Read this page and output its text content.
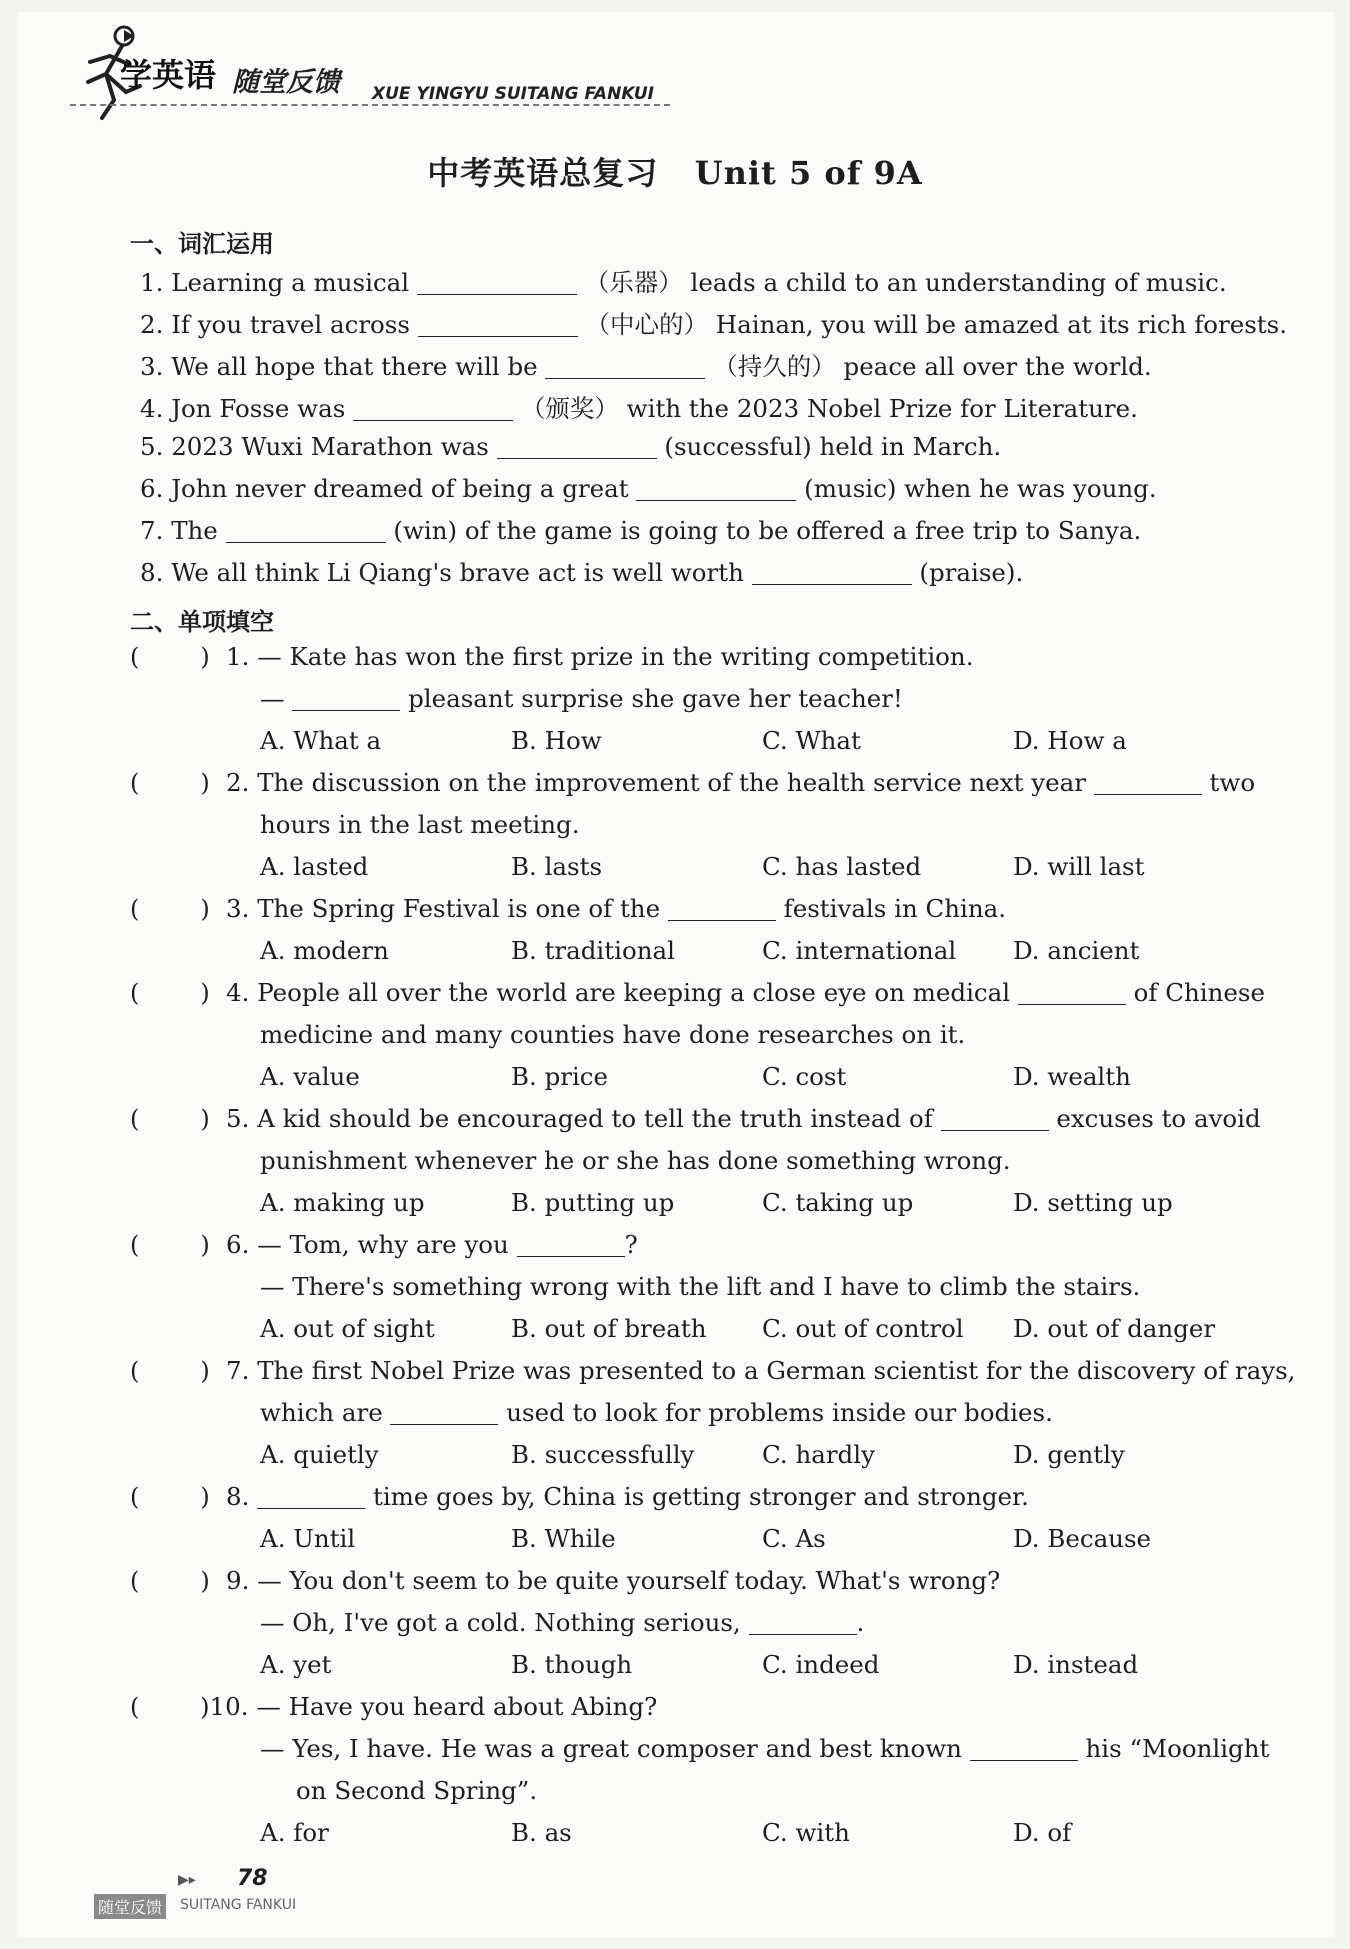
学英语 随堂反馈 XUE YINGYU SUITANG FANKUI
中考英语总复习   Unit 5 of 9A
一、词汇运用
1. Learning a musical	（乐器） leads a child to an understanding of music.
2. If you travel across	（中心的） Hainan, you will be amazed at its rich forests.
3. We all hope that there will be	（持久的） peace all over the world.
4. Jon Fosse was	（颁奖） with the 2023 Nobel Prize for Literature.
5. 2023 Wuxi Marathon was	(successful) held in March.
6. John never dreamed of being a great	(music) when he was young.
7. The	(win) of the game is going to be offered a free trip to Sanya.
8. We all think Li Qiang's brave act is well worth	(praise).
二、单项填空
(        ) 1. — Kate has won the first prize in the writing competition.
—	pleasant surprise she gave her teacher!
A. What a	B. How	C. What	D. How a
(        ) 2. The discussion on the improvement of the health service next year	two
hours in the last meeting.
A. lasted	B. lasts	C. has lasted	D. will last
(        ) 3. The Spring Festival is one of the	festivals in China.
A. modern	B. traditional	C. international D. ancient
(        ) 4. People all over the world are keeping a close eye on medical	of Chinese
medicine and many counties have done researches on it.
A. value	B. price	C. cost	D. wealth
(        ) 5. A kid should be encouraged to tell the truth instead of	excuses to avoid
punishment whenever he or she has done something wrong.
A. making up	B. putting up	C. taking up	D. setting up
(        ) 6. — Tom, why are you	?
— There's something wrong with the lift and I have to climb the stairs.
A. out of sight	B. out of breath C. out of control D. out of danger
(        ) 7. The first Nobel Prize was presented to a German scientist for the discovery of rays,
which are	used to look for problems inside our bodies.
A. quietly	B. successfully	C. hardly	D. gently
(        ) 8.	time goes by, China is getting stronger and stronger.
A. Until	B. While	C. As	D. Because
(        ) 9. — You don't seem to be quite yourself today. What's wrong?
— Oh, I've got a cold. Nothing serious,	.
A. yet	B. though	C. indeed	D. instead
( )10. — Have you heard about Abing?
— Yes, I have. He was a great composer and best known	his “Moonlight
on Second Spring”.
A. for	B. as	C. with	D. of
▶▸ 78
随堂反馈 SUITANG FANKUI
